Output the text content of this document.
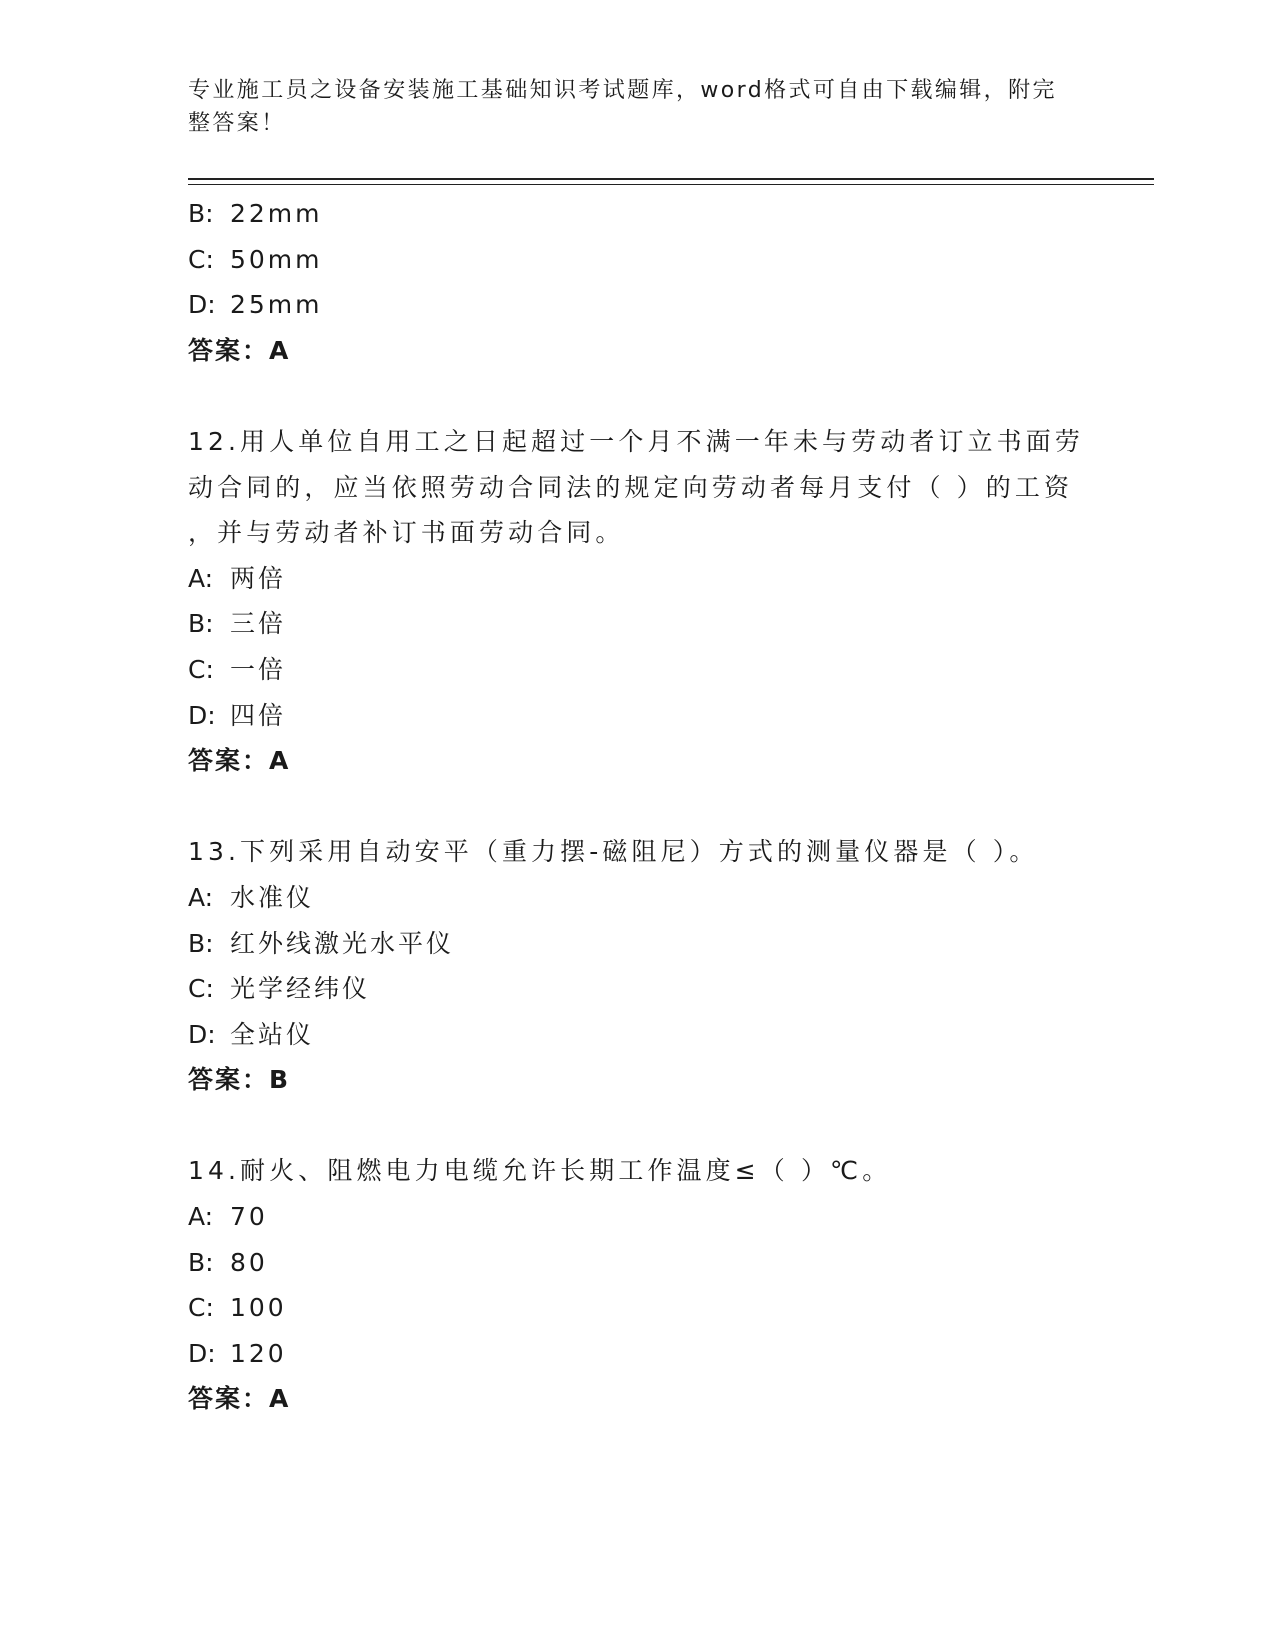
专业施工员之设备安装施工基础知识考试题库，word格式可自由下载编辑，附完
整答案！
B: 22mm
C: 50mm
D: 25mm
答案：A
12.用人单位自用工之日起超过一个月不满一年未与劳动者订立书面劳
动合同的，应当依照劳动合同法的规定向劳动者每月支付（ ）的工资
，并与劳动者补订书面劳动合同。
A: 两倍
B: 三倍
C: 一倍
D: 四倍
答案：A
13.下列采用自动安平（重力摆-磁阻尼）方式的测量仪器是（ ）。
A: 水准仪
B: 红外线激光水平仪
C: 光学经纬仪
D: 全站仪
答案：B
14.耐火、阻燃电力电缆允许长期工作温度≤（ ）℃。
A: 70
B: 80
C: 100
D: 120
答案：A
